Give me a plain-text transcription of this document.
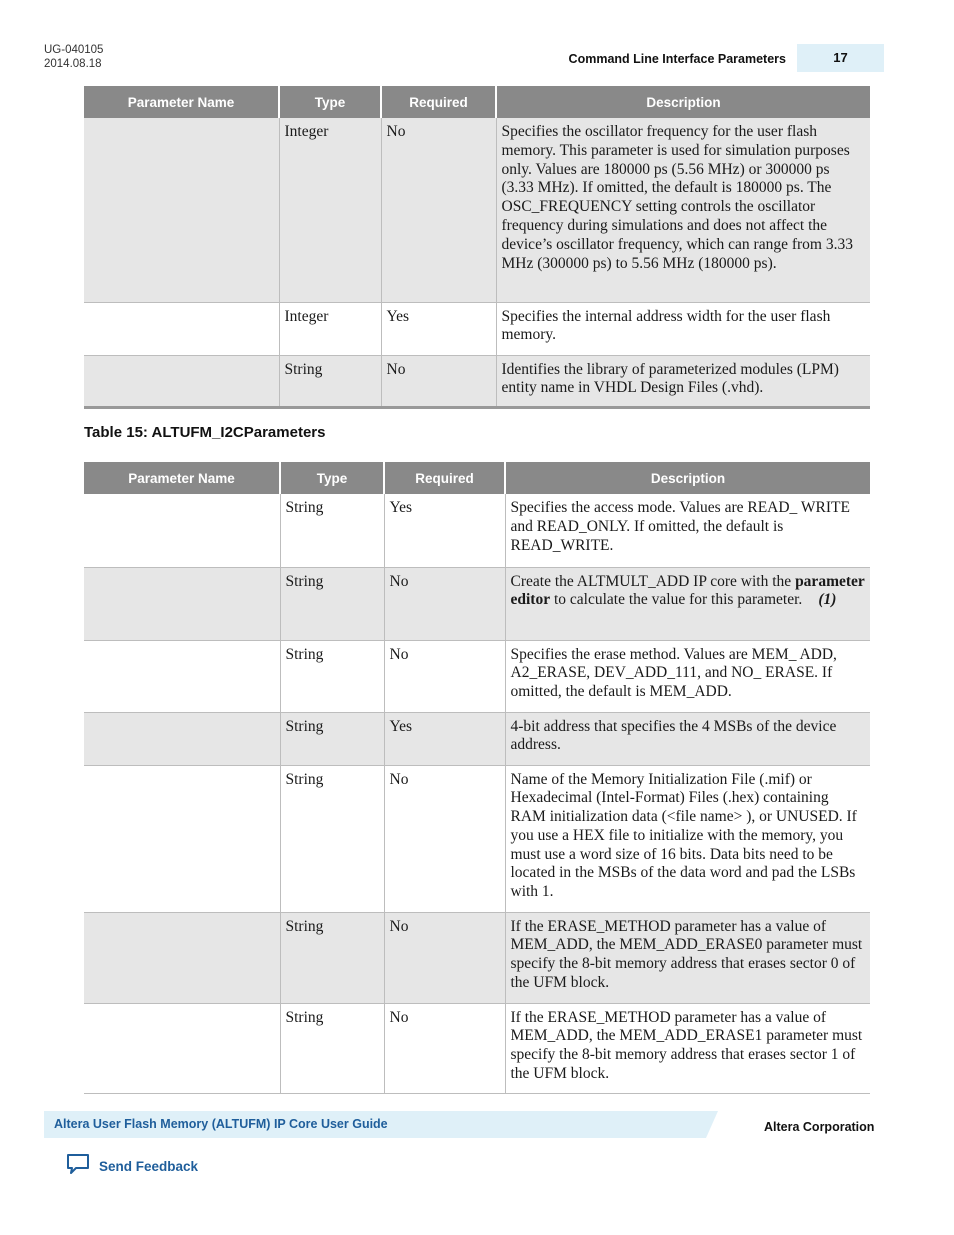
UG-040105
2014.08.18	Command Line Interface Parameters	17
Parameter Name	Type	Required	Description
	Integer	No	Specifies the oscillator frequency for the user flash memory. This parameter is used for simulation purposes only. Values are 180000 ps (5.56 MHz) or 300000 ps (3.33 MHz). If omitted, the default is 180000 ps. The OSC_FREQUENCY setting controls the oscillator frequency during simulations and does not affect the device’s oscillator frequency, which can range from 3.33 MHz (300000 ps) to 5.56 MHz (180000 ps).
	Integer	Yes	Specifies the internal address width for the user flash memory.
	String	No	Identifies the library of parameterized modules (LPM) entity name in VHDL Design Files (.vhd).
Table 15: ALTUFM_I2CParameters
Parameter Name	Type	Required	Description
	String	Yes	Specifies the access mode. Values are READ_ WRITE and READ_ONLY. If omitted, the default is READ_WRITE.
	String	No	Create the ALTMULT_ADD IP core with the parameter editor to calculate the value for this parameter. (1)
	String	No	Specifies the erase method. Values are MEM_ ADD, A2_ERASE, DEV_ADD_111, and NO_ ERASE. If omitted, the default is MEM_ADD.
	String	Yes	4-bit address that specifies the 4 MSBs of the device address.
	String	No	Name of the Memory Initialization File (.mif) or Hexadecimal (Intel-Format) Files (.hex) containing RAM initialization data (<file name> ), or UNUSED. If you use a HEX file to initialize with the memory, you must use a word size of 16 bits. Data bits need to be located in the MSBs of the data word and pad the LSBs with 1.
	String	No	If the ERASE_METHOD parameter has a value of MEM_ADD, the MEM_ADD_ERASE0 parameter must specify the 8-bit memory address that erases sector 0 of the UFM block.
	String	No	If the ERASE_METHOD parameter has a value of MEM_ADD, the MEM_ADD_ERASE1 parameter must specify the 8-bit memory address that erases sector 1 of the UFM block.
Altera User Flash Memory (ALTUFM) IP Core User Guide	Altera Corporation
Send Feedback
